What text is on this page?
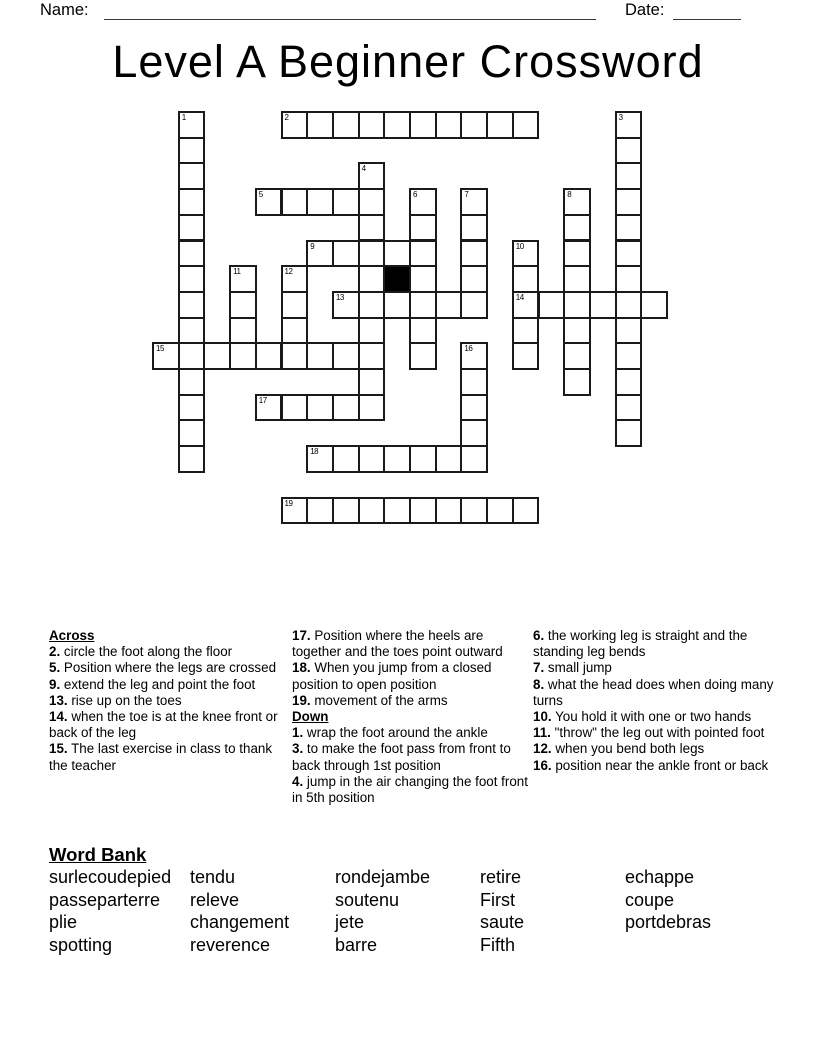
Name:	Date:
Level A Beginner Crossword
1	2	3
4
5	6	7	8
9	10
14
11	12
13
15	16
17
18
19
Across
2. circle the foot along the floor
5. Position where the legs are crossed
9. extend the leg and point the foot
13. rise up on the toes
14. when the toe is at the knee front or back of the leg
15. The last exercise in class to thank the teacher
17. Position where the heels are together and the toes point outward
18. When you jump from a closed position to open position
19. movement of the arms
Down
1. wrap the foot around the ankle
3. to make the foot pass from front to back through 1st position
4. jump in the air changing the foot front in 5th position
6. the working leg is straight and the standing leg bends
7. small jump
8. what the head does when doing many turns
10. You hold it with one or two hands
11. "throw" the leg out with pointed foot
12. when you bend both legs
16. position near the ankle front or back
Word Bank
surlecoudepied
passeparterre
plie
spotting
tendu
releve
changement
reverence
rondejambe
soutenu
jete
barre
retire
First
saute
Fifth
echappe
coupe
portdebras
